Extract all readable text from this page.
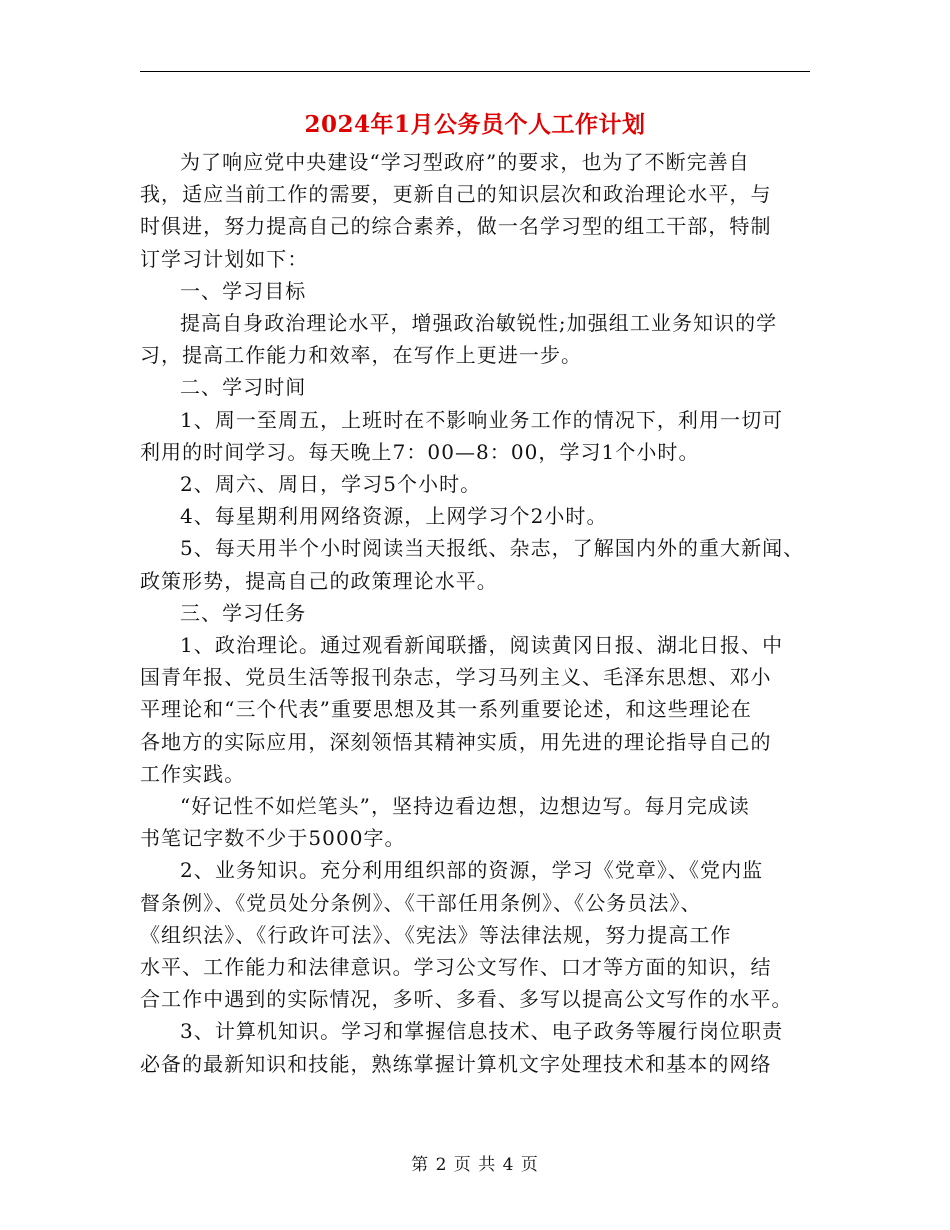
2024年1月公务员个人工作计划

为了响应党中央建设“学习型政府”的要求，也为了不断完善自
我，适应当前工作的需要，更新自己的知识层次和政治理论水平，与
时俱进，努力提高自己的综合素养，做一名学习型的组工干部，特制
订学习计划如下：

一、学习目标

提高自身政治理论水平，增强政治敏锐性;加强组工业务知识的学
习，提高工作能力和效率，在写作上更进一步。

二、学习时间

1、周一至周五，上班时在不影响业务工作的情况下，利用一切可
利用的时间学习。每天晚上7：00—8：00，学习1个小时。

2、周六、周日，学习5个小时。

4、每星期利用网络资源，上网学习个2小时。

5、每天用半个小时阅读当天报纸、杂志，了解国内外的重大新闻、
政策形势，提高自己的政策理论水平。

三、学习任务

1、政治理论。通过观看新闻联播，阅读黄冈日报、湖北日报、中
国青年报、党员生活等报刊杂志，学习马列主义、毛泽东思想、邓小
平理论和“三个代表”重要思想及其一系列重要论述，和这些理论在
各地方的实际应用，深刻领悟其精神实质，用先进的理论指导自己的
工作实践。

“好记性不如烂笔头”，坚持边看边想，边想边写。每月完成读
书笔记字数不少于5000字。

2、业务知识。充分利用组织部的资源，学习《党章》、《党内监
督条例》、《党员处分条例》、《干部任用条例》、《公务员法》、
《组织法》、《行政许可法》、《宪法》等法律法规，努力提高工作
水平、工作能力和法律意识。学习公文写作、口才等方面的知识，结
合工作中遇到的实际情况，多听、多看、多写以提高公文写作的水平。

3、计算机知识。学习和掌握信息技术、电子政务等履行岗位职责
必备的最新知识和技能，熟练掌握计算机文字处理技术和基本的网络

第 2 页 共 4 页
